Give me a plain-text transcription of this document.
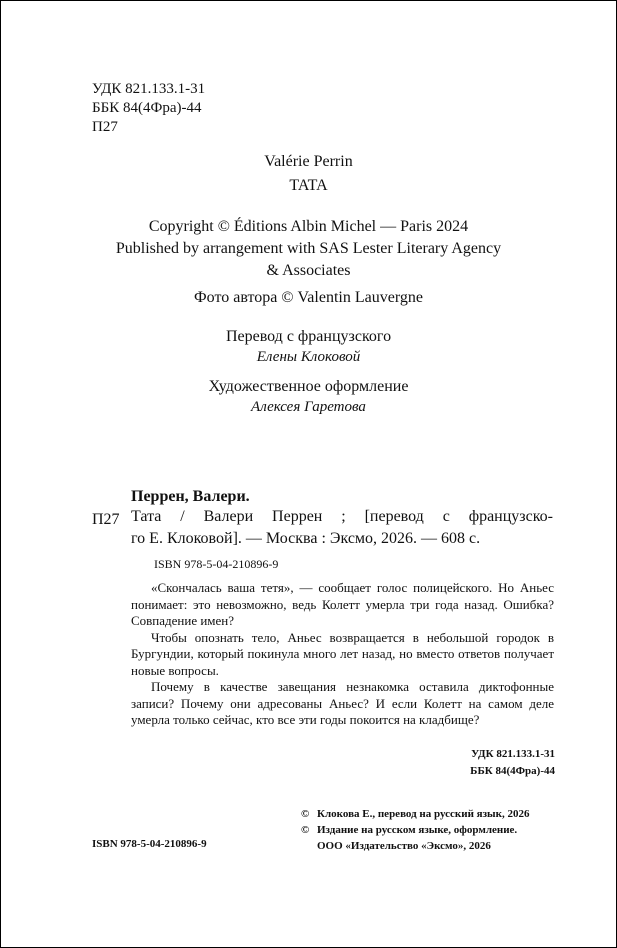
УДК 821.133.1-31
ББК 84(4Фра)-44
П27
Valérie Perrin
TATA
Copyright © Éditions Albin Michel — Paris 2024
Published by arrangement with SAS Lester Literary Agency
& Associates
Фото автора © Valentin Lauvergne
Перевод с французского
Елены Клоковой
Художественное оформление
Алексея Гаретова
Перрен, Валери.
П27 Тата / Валери Перрен ; [перевод с французско-
го Е. Клоковой]. — Москва : Эксмо, 2026. — 608 с.
ISBN 978-5-04-210896-9

«Скончалась ваша тетя», — сообщает голос полицейского. Но Аньес понимает: это невозможно, ведь Колетт умерла три года назад. Ошибка? Совпадение имен?

Чтобы опознать тело, Аньес возвращается в небольшой городок в Бургундии, который покинула много лет назад, но вместо ответов получает новые вопросы.

Почему в качестве завещания незнакомка оставила диктофонные записи? Почему они адресованы Аньес? И если Колетт на самом деле умерла только сейчас, кто все эти годы покоится на кладбище?

УДК 821.133.1-31
ББК 84(4Фра)-44
© Клокова Е., перевод на русский язык, 2026
© Издание на русском языке, оформление.
ООО «Издательство «Эксмо», 2026
ISBN 978-5-04-210896-9
